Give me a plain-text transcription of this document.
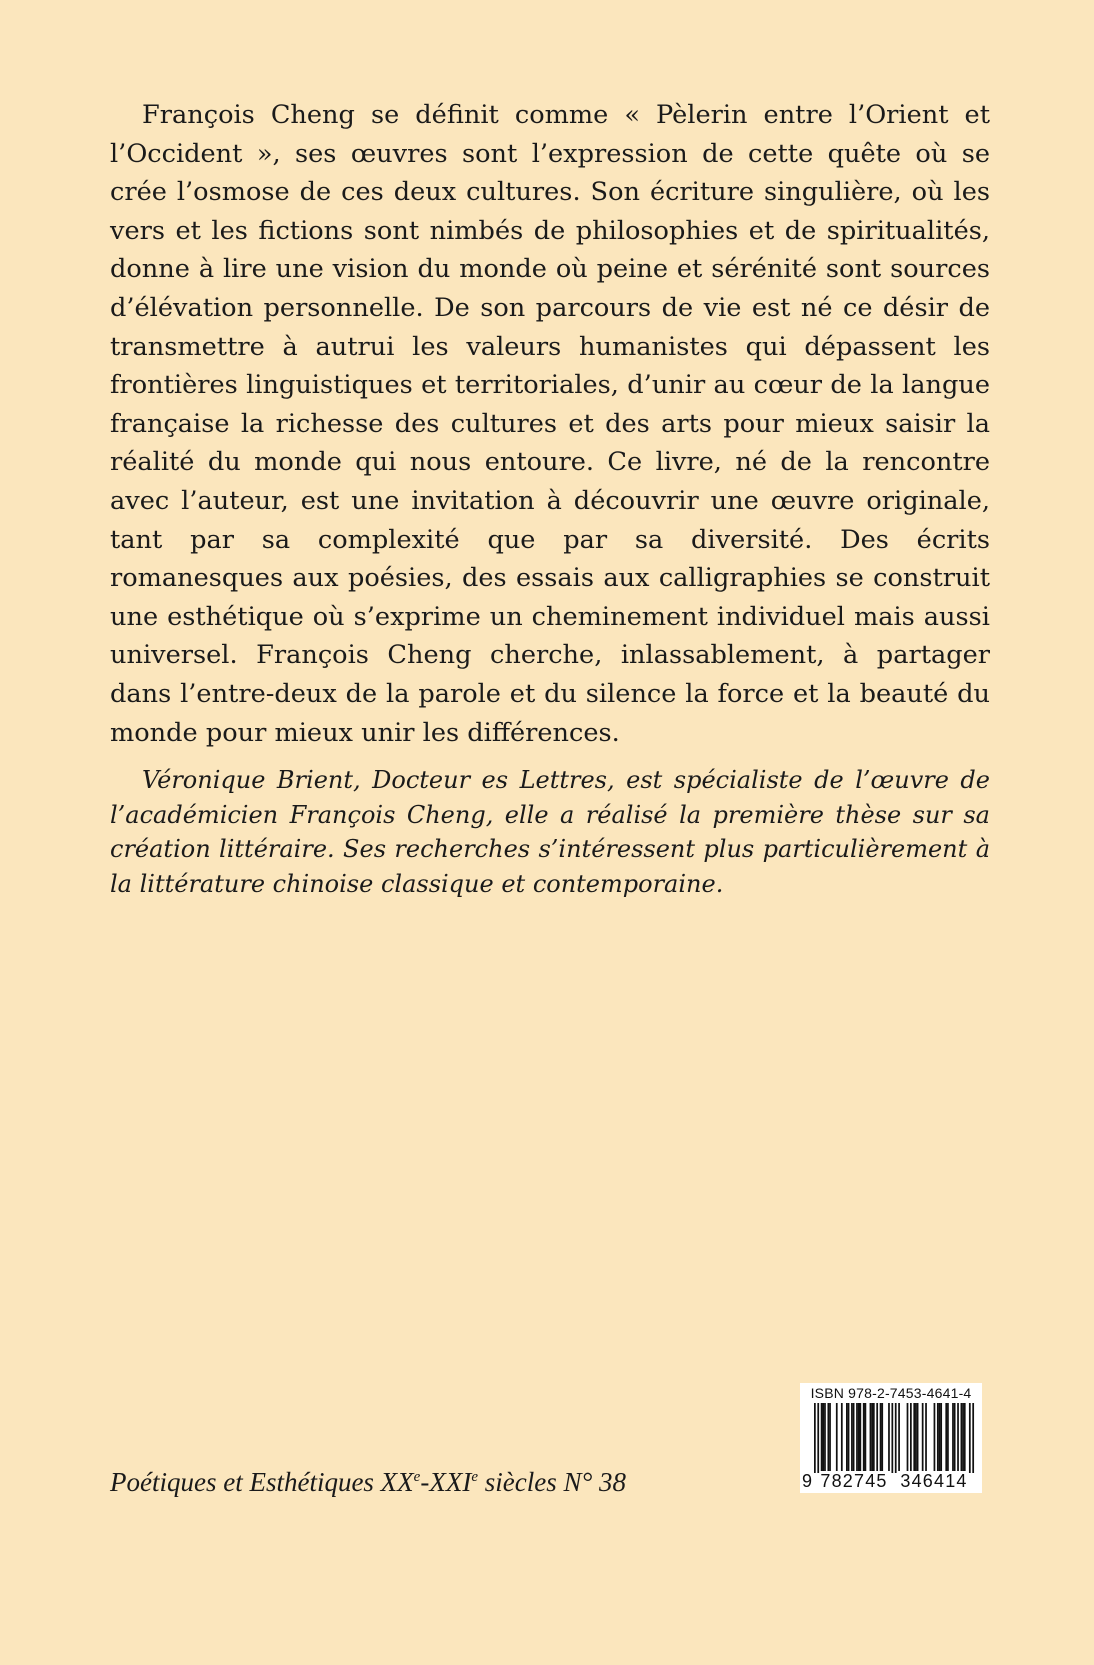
François Cheng se définit comme « Pèlerin entre l’Orient et l’Occident », ses œuvres sont l’expression de cette quête où se crée l’osmose de ces deux cultures. Son écriture singulière, où les vers et les fictions sont nimbés de philosophies et de spiritualités, donne à lire une vision du monde où peine et sérénité sont sources d’élévation personnelle. De son parcours de vie est né ce désir de transmettre à autrui les valeurs humanistes qui dépassent les frontières linguistiques et territoriales, d’unir au cœur de la langue française la richesse des cultures et des arts pour mieux saisir la réalité du monde qui nous entoure. Ce livre, né de la rencontre avec l’auteur, est une invitation à découvrir une œuvre originale, tant par sa complexité que par sa diversité. Des écrits romanesques aux poésies, des essais aux calligraphies se construit une esthétique où s’exprime un cheminement individuel mais aussi universel. François Cheng cherche, inlassablement, à partager dans l’entre-deux de la parole et du silence la force et la beauté du monde pour mieux unir les différences.

Véronique Brient, Docteur es Lettres, est spécialiste de l’œuvre de l’académicien François Cheng, elle a réalisé la première thèse sur sa création littéraire. Ses recherches s’intéressent plus particulièrement à la littérature chinoise classique et contemporaine.

Poétiques et Esthétiques XXe-XXIe siècles N° 38

ISBN 978-2-7453-4641-4
9 782745 346414
